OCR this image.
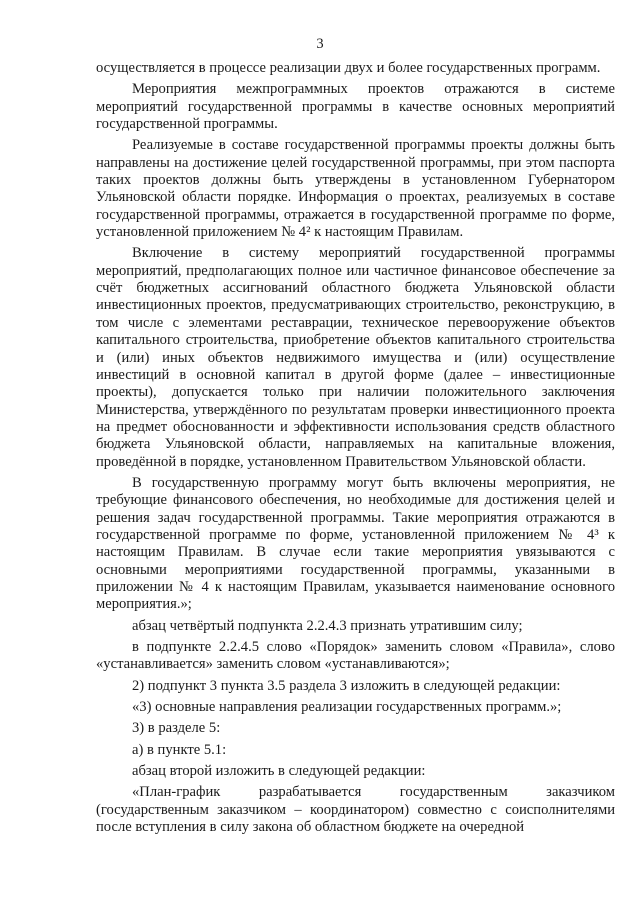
3

осуществляется в процессе реализации двух и более государственных программ.

Мероприятия межпрограммных проектов отражаются в системе мероприятий государственной программы в качестве основных мероприятий государственной программы.

Реализуемые в составе государственной программы проекты должны быть направлены на достижение целей государственной программы, при этом паспорта таких проектов должны быть утверждены в установленном Губернатором Ульяновской области порядке. Информация о проектах, реализуемых в составе государственной программы, отражается в государственной программе по форме, установленной приложением № 4² к настоящим Правилам.

Включение в систему мероприятий государственной программы мероприятий, предполагающих полное или частичное финансовое обеспечение за счёт бюджетных ассигнований областного бюджета Ульяновской области инвестиционных проектов, предусматривающих строительство, реконструкцию, в том числе с элементами реставрации, техническое перевооружение объектов капитального строительства, приобретение объектов капитального строительства и (или) иных объектов недвижимого имущества и (или) осуществление инвестиций в основной капитал в другой форме (далее – инвестиционные проекты), допускается только при наличии положительного заключения Министерства, утверждённого по результатам проверки инвестиционного проекта на предмет обоснованности и эффективности использования средств областного бюджета Ульяновской области, направляемых на капитальные вложения, проведённой в порядке, установленном Правительством Ульяновской области.

В государственную программу могут быть включены мероприятия, не требующие финансового обеспечения, но необходимые для достижения целей и решения задач государственной программы. Такие мероприятия отражаются в государственной программе по форме, установленной приложением № 4³ к настоящим Правилам. В случае если такие мероприятия увязываются с основными мероприятиями государственной программы, указанными в приложении № 4 к настоящим Правилам, указывается наименование основного мероприятия.»;

абзац четвёртый подпункта 2.2.4.3 признать утратившим силу;

в подпункте 2.2.4.5 слово «Порядок» заменить словом «Правила», слово «устанавливается» заменить словом «устанавливаются»;

2) подпункт 3 пункта 3.5 раздела 3 изложить в следующей редакции:

«3) основные направления реализации государственных программ.»;

3) в разделе 5:

а) в пункте 5.1:

абзац второй изложить в следующей редакции:

«План-график разрабатывается государственным заказчиком (государственным заказчиком – координатором) совместно с соисполнителями после вступления в силу закона об областном бюджете на очередной
